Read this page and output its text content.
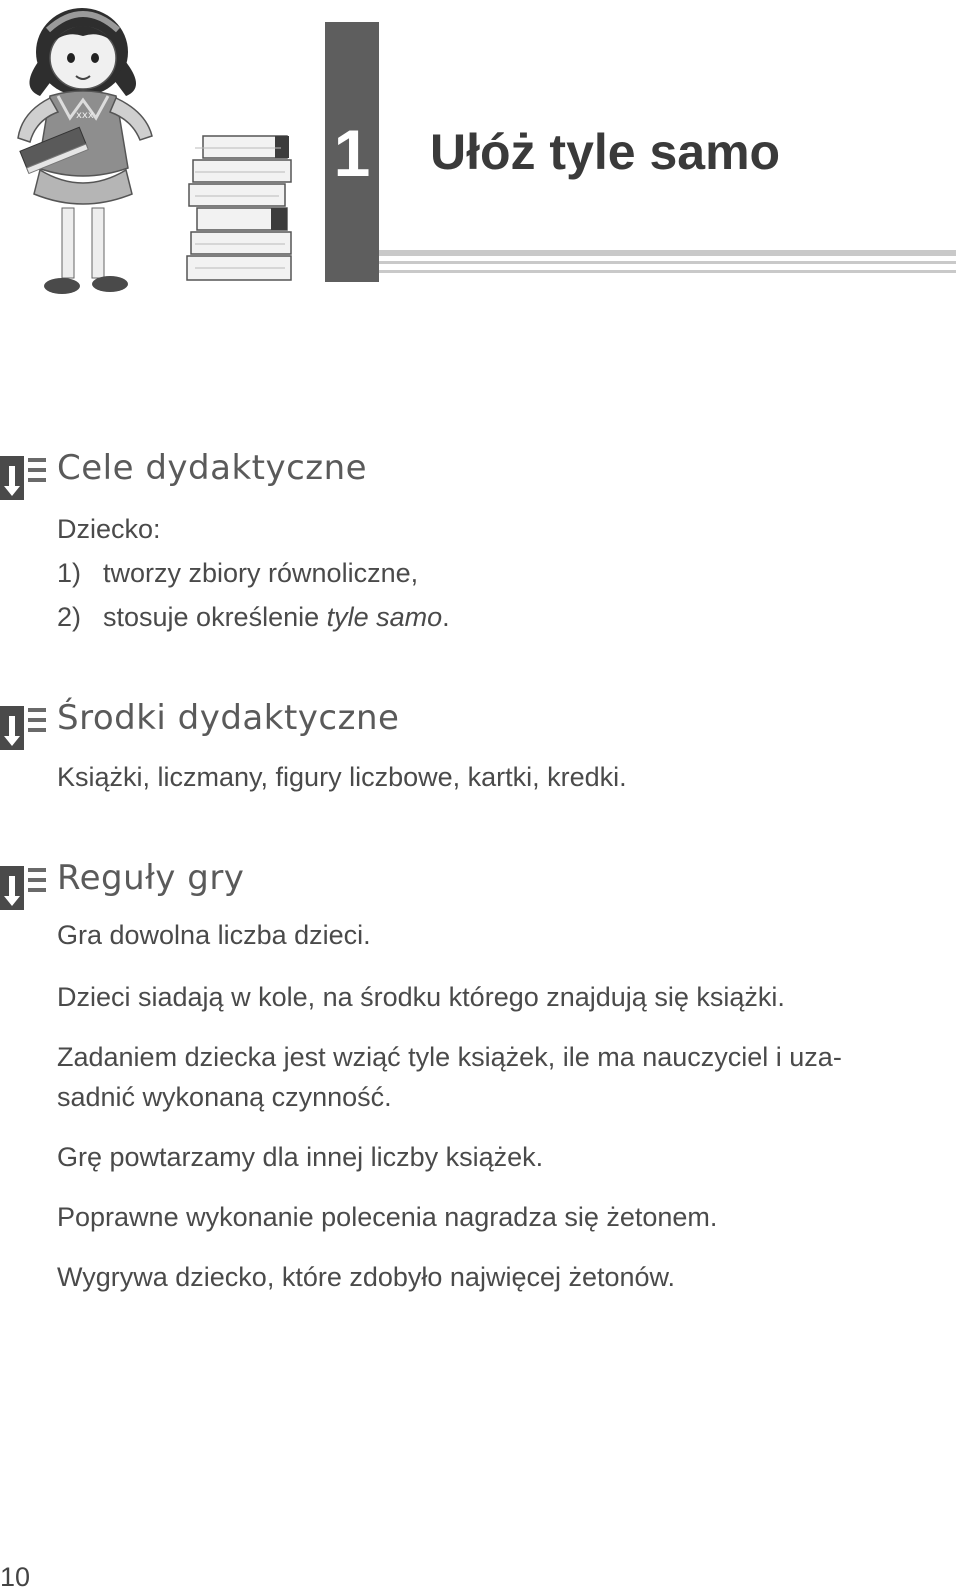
xxx
1 Ułóż tyle samo
Cele dydaktyczne
Dziecko:
1) tworzy zbiory równoliczne,
2) stosuje określenie tyle samo.
Środki dydaktyczne
Książki, liczmany, figury liczbowe, kartki, kredki.
Reguły gry
Gra dowolna liczba dzieci.
Dzieci siadają w kole, na środku którego znajdują się książki.
Zadaniem dziecka jest wziąć tyle książek, ile ma nauczyciel i uza-
sadnić wykonaną czynność.
Grę powtarzamy dla innej liczby książek.
Poprawne wykonanie polecenia nagradza się żetonem.
Wygrywa dziecko, które zdobyło najwięcej żetonów.
10
